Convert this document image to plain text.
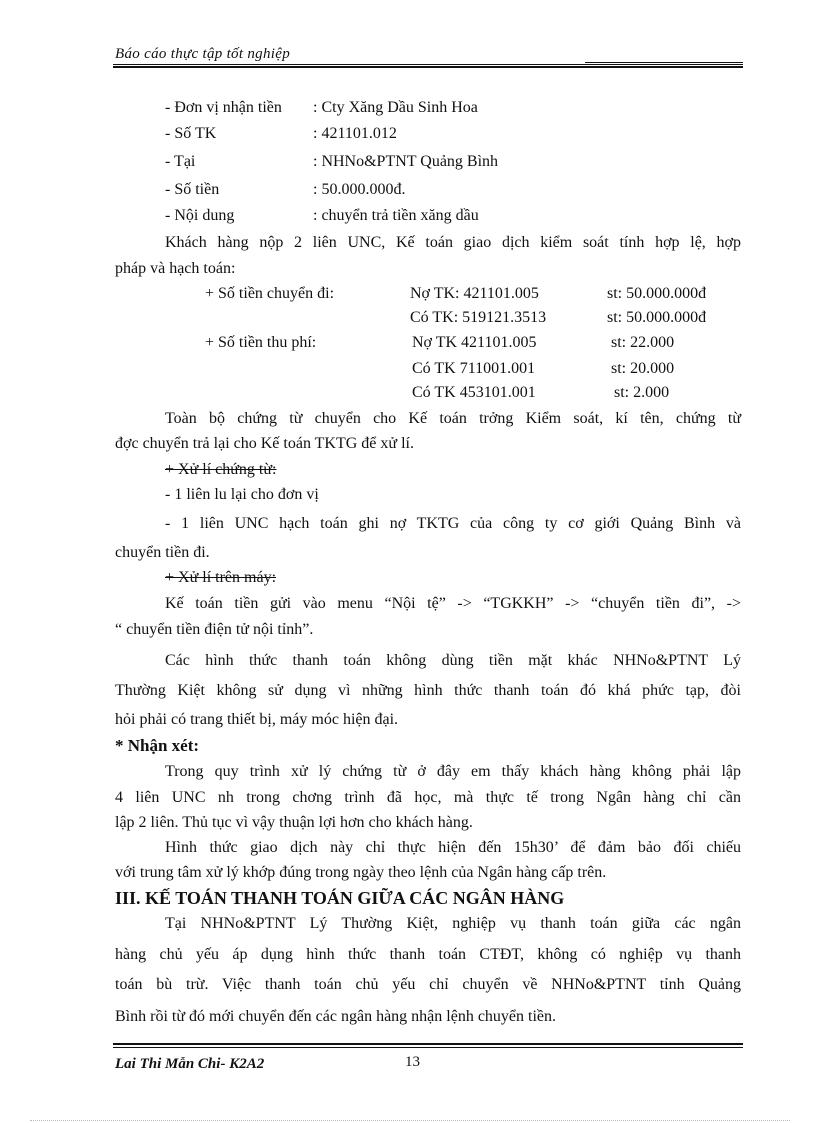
Báo cáo thực tập tốt nghiệp
- Đơn vị nhận tiền : Cty Xăng Dầu Sinh Hoa
- Số TK	: 421101.012
- Tại	: NHNo&PTNT Quảng Bình
- Số tiền	: 50.000.000đ.
- Nội dung	: chuyển trả tiền xăng dầu
Khách hàng nộp 2 liên UNC, Kế toán giao dịch kiểm soát tính hợp lệ, hợp
pháp và hạch toán:
+ Số tiền chuyển đi:	Nợ TK: 421101.005	st: 50.000.000đ
Có TK: 519121.3513	st: 50.000.000đ
+ Số tiền thu phí:	Nợ TK 421101.005	st: 22.000
Có TK 711001.001	st: 20.000
Có TK 453101.001	st: 2.000
Toàn bộ chứng từ chuyển cho Kế toán trởng Kiểm soát, kí tên, chứng từ
đợc chuyển trả lại cho Kế toán TKTG để xử lí.
+ Xử lí chứng từ:
- 1 liên lu lại cho đơn vị
- 1 liên UNC hạch toán ghi nợ TKTG của công ty cơ giới Quảng Bình và
chuyển tiền đi.
+ Xử lí trên máy:
Kế toán tiền gửi vào menu “Nội tệ” -> “TGKKH” -> “chuyển tiền đi”, ->
“ chuyển tiền điện tử nội tỉnh”.
Các hình thức thanh toán không dùng tiền mặt khác NHNo&PTNT Lý
Thường Kiệt không sử dụng vì những hình thức thanh toán đó khá phức tạp, đòi
hỏi phải có trang thiết bị, máy móc hiện đại.
* Nhận xét:
Trong quy trình xử lý chứng từ ở đây em thấy khách hàng không phải lập
4 liên UNC nh trong chơng trình đã học, mà thực tế trong Ngân hàng chỉ cần
lập 2 liên. Thủ tục vì vậy thuận lợi hơn cho khách hàng.
Hình thức giao dịch này chỉ thực hiện đến 15h30’ để đảm bảo đối chiếu
với trung tâm xử lý khớp đúng trong ngày theo lệnh của Ngân hàng cấp trên.
III. KẾ TOÁN THANH TOÁN GIỮA CÁC NGÂN HÀNG
Tại NHNo&PTNT Lý Thường Kiệt, nghiệp vụ thanh toán giữa các ngân
hàng chủ yếu áp dụng hình thức thanh toán CTĐT, không có nghiệp vụ thanh
toán bù trừ. Việc thanh toán chủ yếu chỉ chuyển về NHNo&PTNT tỉnh Quảng
Bình rồi từ đó mới chuyển đến các ngân hàng nhận lệnh chuyển tiền.
Lai Thi Mẫn Chi- K2A2	13
